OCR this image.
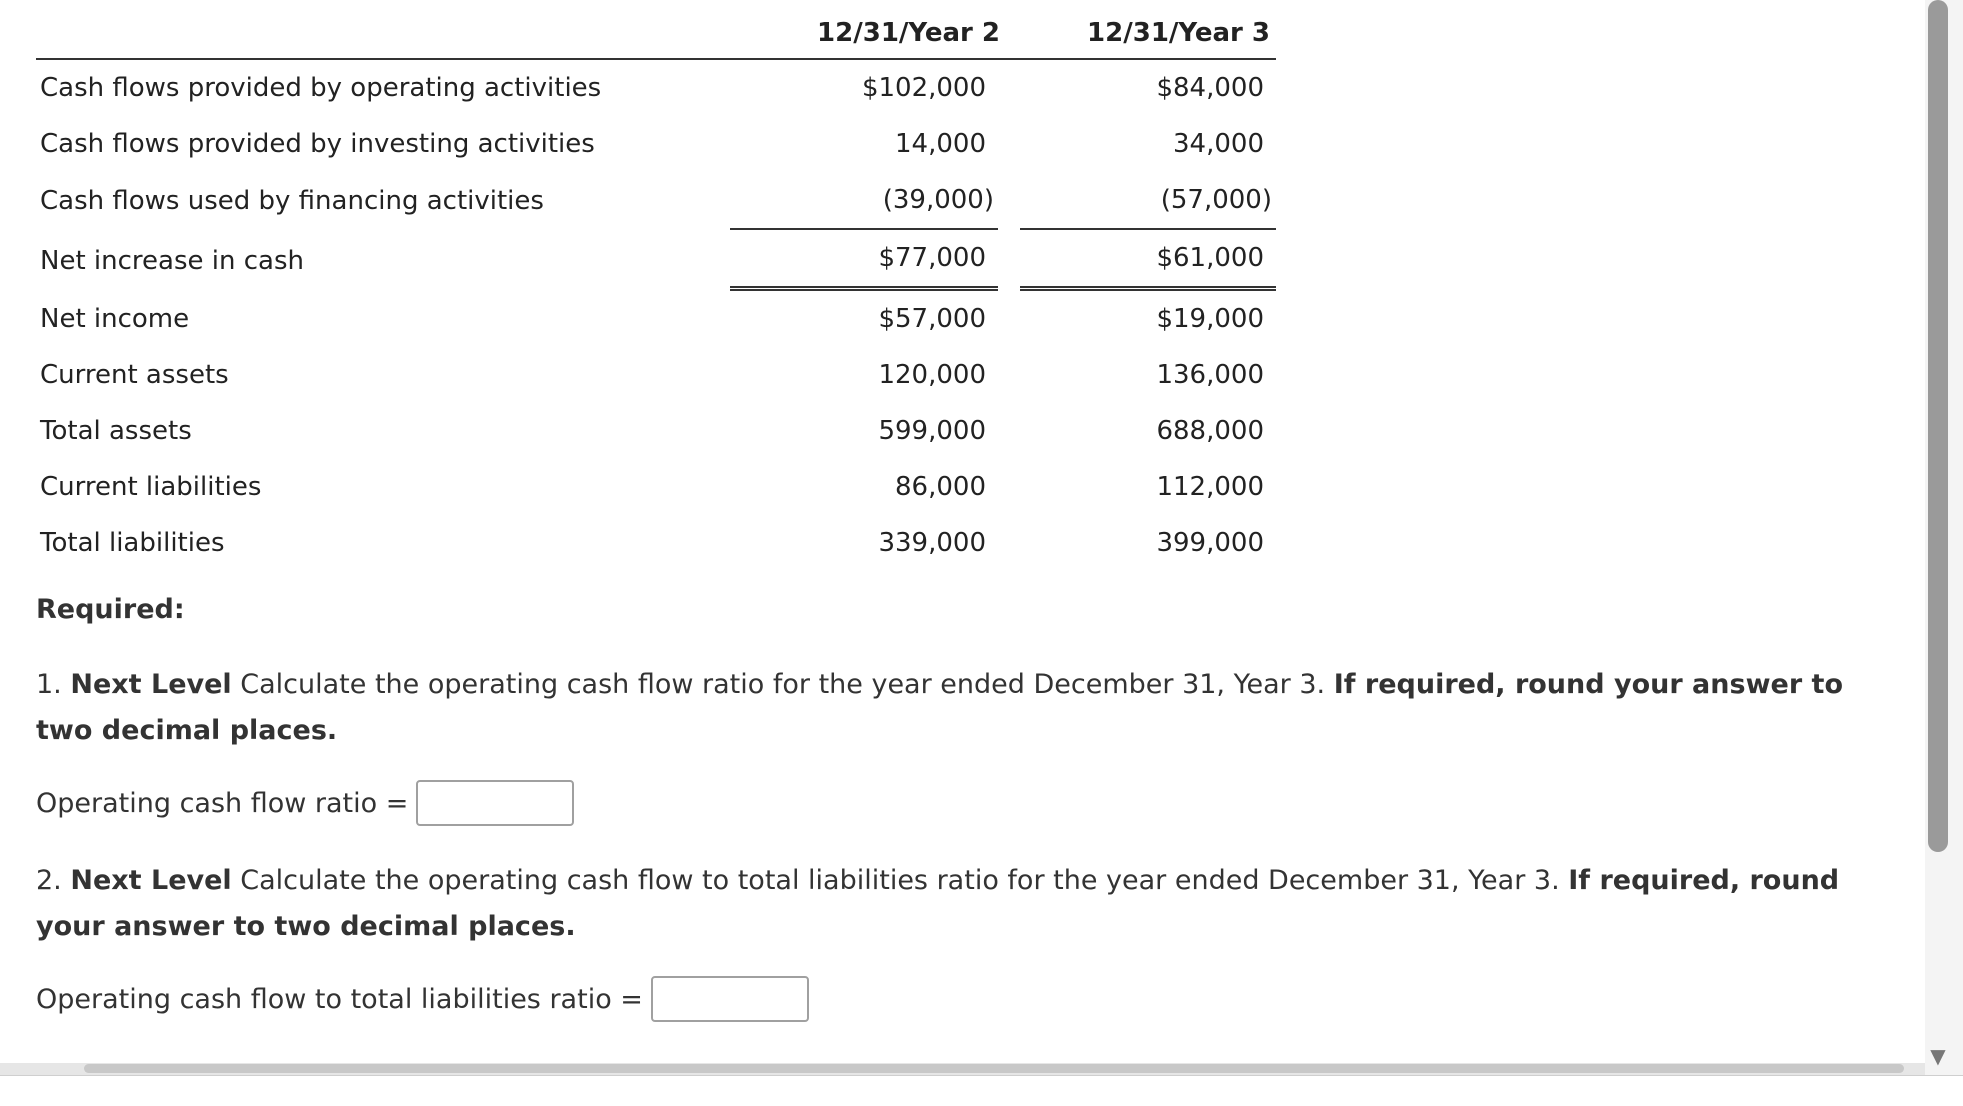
	12/31/Year 2	12/31/Year 3
Cash flows provided by operating activities	$102,000	$84,000

Cash flows provided by investing activities	14,000	34,000

Cash flows used by financing activities	(39,000)	(57,000)

Net increase in cash	$77,000	$61,000

Net income	$57,000	$19,000

Current assets	120,000	136,000

Total assets	599,000	688,000

Current liabilities	86,000	112,000

Total liabilities	339,000	399,000
Required:
1. Next Level Calculate the operating cash flow ratio for the year ended December 31, Year 3. If required, round your answer to two decimal places.
Operating cash flow ratio =
2. Next Level Calculate the operating cash flow to total liabilities ratio for the year ended December 31, Year 3. If required, round your answer to two decimal places.
Operating cash flow to total liabilities ratio =
▼
